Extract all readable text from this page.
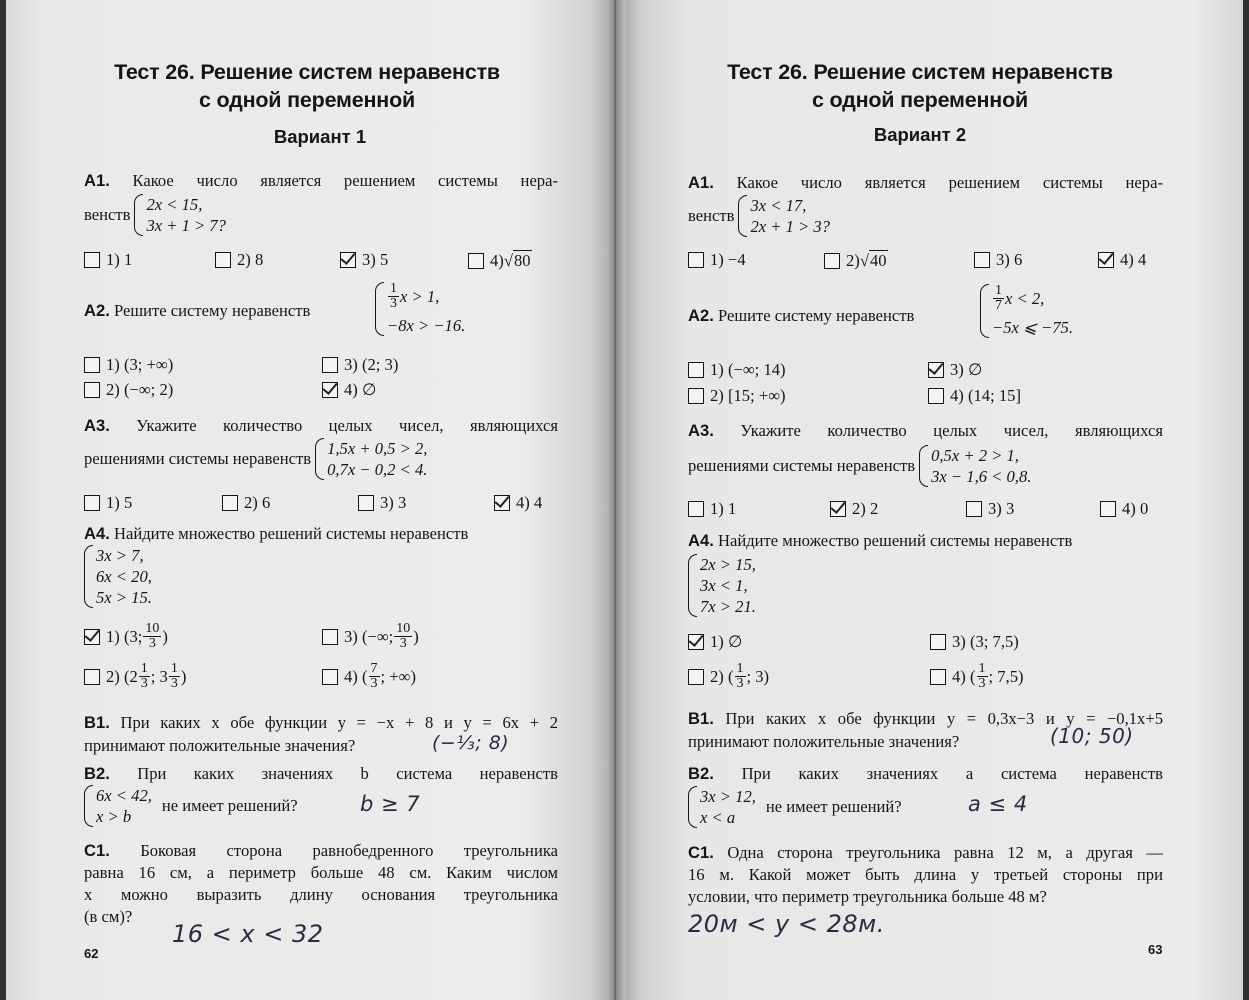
Тест 26. Решение систем неравенств
с одной переменной
Вариант 1
А1. Какое число является решением системы нера-
венств
2x < 15,
3x + 1 > 7?
1) 1	2) 8	3) 5	4) √ 80
А2. Решите систему неравенств	$\frac{1}{3}$ x > 1,
−8x > −16.
1) (3; +∞)	3) (2; 3)
2) (−∞; 2)	4) ∅
А3. Укажите количество целых чисел, являющихся
решениями системы неравенств
1,5x + 0,5 > 2,
0,7x − 0,2 < 4.
1) 5	2) 6	3) 3	4) 4
А4. Найдите множество решений системы неравенств
3x > 7,
6x < 20,
5x > 15.
1) (3; $\frac{10}{3}$ )	3) (−∞; $\frac{10}{3}$ )
2) ($2 \frac{1}{3}$ ; $3 \frac{1}{3}$ )	4) ( $\frac{7}{3}$ ; +∞)
В1. При каких x обе функции y = −x + 8 и y = 6x + 2
принимают положительные значения?	(−⅓; 8)
В2. При каких значениях b система неравенств
6x < 42,
x > b
не имеет решений?	b ≥ 7
С1. Боковая сторона равнобедренного треугольника
равна 16 см, а периметр больше 48 см. Каким числом
x можно выразить длину основания треугольника
(в см)?
16 < x < 32
62
Тест 26. Решение систем неравенств
с одной переменной
Вариант 2
А1. Какое число является решением системы нера-
венств
3x < 17,
2x + 1 > 3?
1) −4	2) √ 40	3) 6	4) 4
А2. Решите систему неравенств
$\frac{1}{7}$ x < 2,
−5x ⩽ −75.
1) (−∞; 14)	3) ∅
2) [15; +∞)	4) (14; 15]
А3. Укажите количество целых чисел, являющихся
решениями системы неравенств
0,5x + 2 > 1,
3x − 1,6 < 0,8.
1) 1	2) 2	3) 3	4) 0
А4. Найдите множество решений системы неравенств
2x > 15,
3x < 1,
7x > 21.
1) ∅	3) (3; 7,5)
2) ( $\frac{1}{3}$ ; 3)	4) ( $\frac{1}{3}$ ; 7,5)
В1. При каких x обе функции y = 0,3x−3 и y = −0,1x+5
принимают положительные значения?	(10; 50)
В2. При каких значениях a система неравенств
3x > 12,
x < a
не имеет решений?	a ≤ 4
С1. Одна сторона треугольника равна 12 м, а другая —
16 м. Какой может быть длина y третьей стороны при
условии, что периметр треугольника больше 48 м?
20м < y < 28м.
63
